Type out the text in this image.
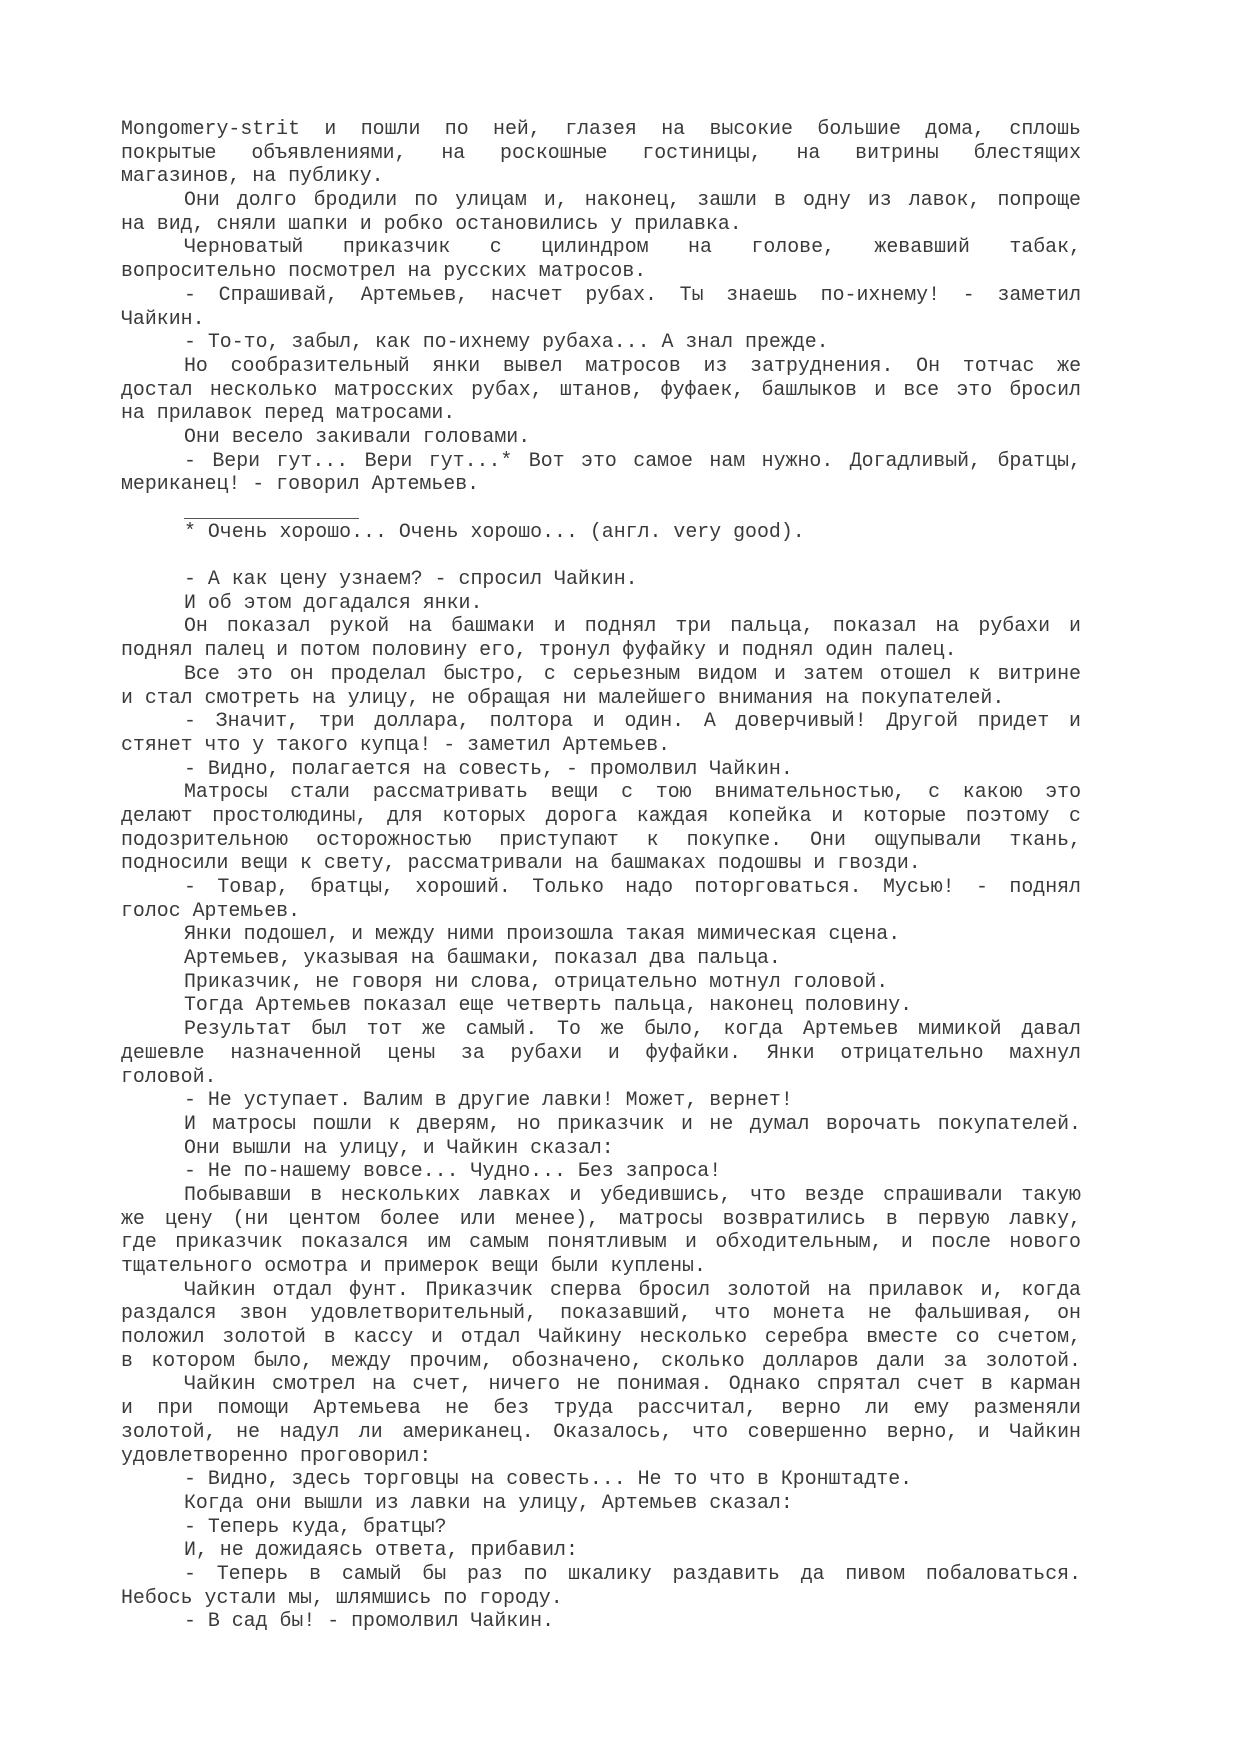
Mongomery-strit и пошли по ней, глазея на высокие большие дома, сплошь
покрытые объявлениями, на роскошные гостиницы, на витрины блестящих
магазинов, на публику.
Они долго бродили по улицам и, наконец, зашли в одну из лавок, попроще
на вид, сняли шапки и робко остановились у прилавка.
Черноватый приказчик с цилиндром на голове, жевавший табак,
вопросительно посмотрел на русских матросов.
- Спрашивай, Артемьев, насчет рубах. Ты знаешь по-ихнему! - заметил
Чайкин.
- То-то, забыл, как по-ихнему рубаха... А знал прежде.
Но сообразительный янки вывел матросов из затруднения. Он тотчас же
достал несколько матросских рубах, штанов, фуфаек, башлыков и все это бросил
на прилавок перед матросами.
Они весело закивали головами.
- Вери гут... Вери гут...* Вот это самое нам нужно. Догадливый, братцы,
мериканец! - говорил Артемьев.
* Очень хорошо... Очень хорошо... (англ. very good).
- А как цену узнаем? - спросил Чайкин.
И об этом догадался янки.
Он показал рукой на башмаки и поднял три пальца, показал на рубахи и
поднял палец и потом половину его, тронул фуфайку и поднял один палец.
Все это он проделал быстро, с серьезным видом и затем отошел к витрине
и стал смотреть на улицу, не обращая ни малейшего внимания на покупателей.
- Значит, три доллара, полтора и один. А доверчивый! Другой придет и
стянет что у такого купца! - заметил Артемьев.
- Видно, полагается на совесть, - промолвил Чайкин.
Матросы стали рассматривать вещи с тою внимательностью, с какою это
делают простолюдины, для которых дорога каждая копейка и которые поэтому с
подозрительною осторожностью приступают к покупке. Они ощупывали ткань,
подносили вещи к свету, рассматривали на башмаках подошвы и гвозди.
- Товар, братцы, хороший. Только надо поторговаться. Мусью! - поднял
голос Артемьев.
Янки подошел, и между ними произошла такая мимическая сцена.
Артемьев, указывая на башмаки, показал два пальца.
Приказчик, не говоря ни слова, отрицательно мотнул головой.
Тогда Артемьев показал еще четверть пальца, наконец половину.
Результат был тот же самый. То же было, когда Артемьев мимикой давал
дешевле назначенной цены за рубахи и фуфайки. Янки отрицательно махнул
головой.
- Не уступает. Валим в другие лавки! Может, вернет!
И матросы пошли к дверям, но приказчик и не думал ворочать покупателей.
Они вышли на улицу, и Чайкин сказал:
- Не по-нашему вовсе... Чудно... Без запроса!
Побывавши в нескольких лавках и убедившись, что везде спрашивали такую
же цену (ни центом более или менее), матросы возвратились в первую лавку,
где приказчик показался им самым понятливым и обходительным, и после нового
тщательного осмотра и примерок вещи были куплены.
Чайкин отдал фунт. Приказчик сперва бросил золотой на прилавок и, когда
раздался звон удовлетворительный, показавший, что монета не фальшивая, он
положил золотой в кассу и отдал Чайкину несколько серебра вместе со счетом,
в котором было, между прочим, обозначено, сколько долларов дали за золотой.
Чайкин смотрел на счет, ничего не понимая. Однако спрятал счет в карман
и при помощи Артемьева не без труда рассчитал, верно ли ему разменяли
золотой, не надул ли американец. Оказалось, что совершенно верно, и Чайкин
удовлетворенно проговорил:
- Видно, здесь торговцы на совесть... Не то что в Кронштадте.
Когда они вышли из лавки на улицу, Артемьев сказал:
- Теперь куда, братцы?
И, не дожидаясь ответа, прибавил:
- Теперь в самый бы раз по шкалику раздавить да пивом побаловаться.
Небось устали мы, шлямшись по городу.
- В сад бы! - промолвил Чайкин.
